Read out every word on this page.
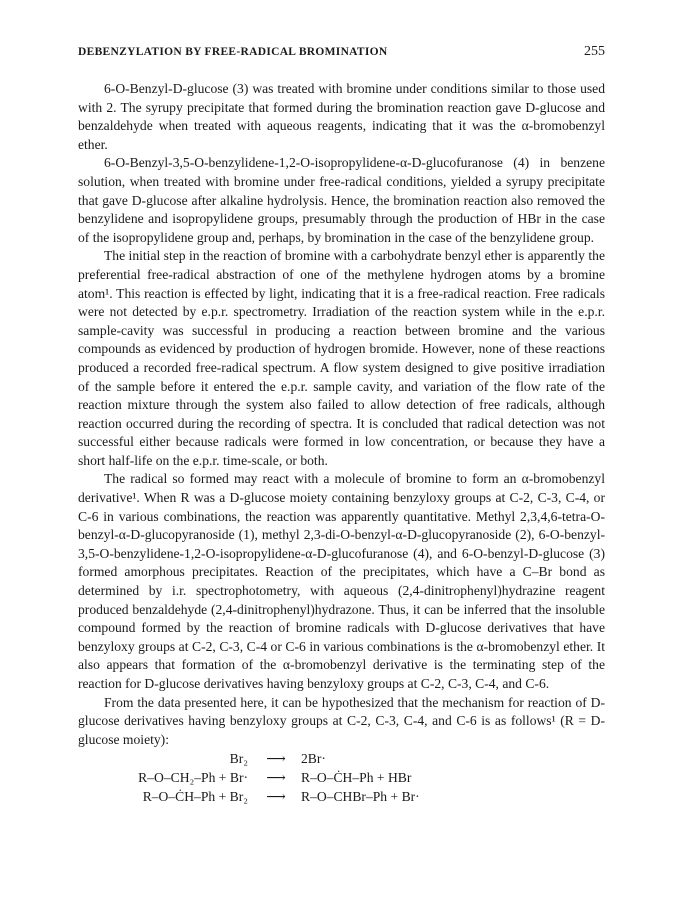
DEBENZYLATION BY FREE-RADICAL BROMINATION	255

6-O-Benzyl-D-glucose (3) was treated with bromine under conditions similar to those used with 2. The syrupy precipitate that formed during the bromination reaction gave D-glucose and benzaldehyde when treated with aqueous reagents, indicating that it was the α-bromobenzyl ether.

6-O-Benzyl-3,5-O-benzylidene-1,2-O-isopropylidene-α-D-glucofuranose (4) in benzene solution, when treated with bromine under free-radical conditions, yielded a syrupy precipitate that gave D-glucose after alkaline hydrolysis. Hence, the bromination reaction also removed the benzylidene and isopropylidene groups, presumably through the production of HBr in the case of the isopropylidene group and, perhaps, by bromination in the case of the benzylidene group.

The initial step in the reaction of bromine with a carbohydrate benzyl ether is apparently the preferential free-radical abstraction of one of the methylene hydrogen atoms by a bromine atom¹. This reaction is effected by light, indicating that it is a free-radical reaction. Free radicals were not detected by e.p.r. spectrometry. Irradiation of the reaction system while in the e.p.r. sample-cavity was successful in producing a reaction between bromine and the various compounds as evidenced by production of hydrogen bromide. However, none of these reactions produced a recorded free-radical spectrum. A flow system designed to give positive irradiation of the sample before it entered the e.p.r. sample cavity, and variation of the flow rate of the reaction mixture through the system also failed to allow detection of free radicals, although reaction occurred during the recording of spectra. It is concluded that radical detection was not successful either because radicals were formed in low concentration, or because they have a short half-life on the e.p.r. time-scale, or both.

The radical so formed may react with a molecule of bromine to form an α-bromobenzyl derivative¹. When R was a D-glucose moiety containing benzyloxy groups at C-2, C-3, C-4, or C-6 in various combinations, the reaction was apparently quantitative. Methyl 2,3,4,6-tetra-O-benzyl-α-D-glucopyranoside (1), methyl 2,3-di-O-benzyl-α-D-glucopyranoside (2), 6-O-benzyl-3,5-O-benzylidene-1,2-O-isopropylidene-α-D-glucofuranose (4), and 6-O-benzyl-D-glucose (3) formed amorphous precipitates. Reaction of the precipitates, which have a C–Br bond as determined by i.r. spectrophotometry, with aqueous (2,4-dinitrophenyl)hydrazine reagent produced benzaldehyde (2,4-dinitrophenyl)hydrazone. Thus, it can be inferred that the insoluble compound formed by the reaction of bromine radicals with D-glucose derivatives that have benzyloxy groups at C-2, C-3, C-4 or C-6 in various combinations is the α-bromobenzyl ether. It also appears that formation of the α-bromobenzyl derivative is the terminating step of the reaction for D-glucose derivatives having benzyloxy groups at C-2, C-3, C-4, and C-6.

From the data presented here, it can be hypothesized that the mechanism for reaction of D-glucose derivatives having benzyloxy groups at C-2, C-3, C-4, and C-6 is as follows¹ (R = D-glucose moiety):

Br₂	⟶	2Br·
R–O–CH₂–Ph + Br·	⟶	R–O–ĊH–Ph + HBr
R–O–ĊH–Ph + Br₂	⟶	R–O–CHBr–Ph + Br·
